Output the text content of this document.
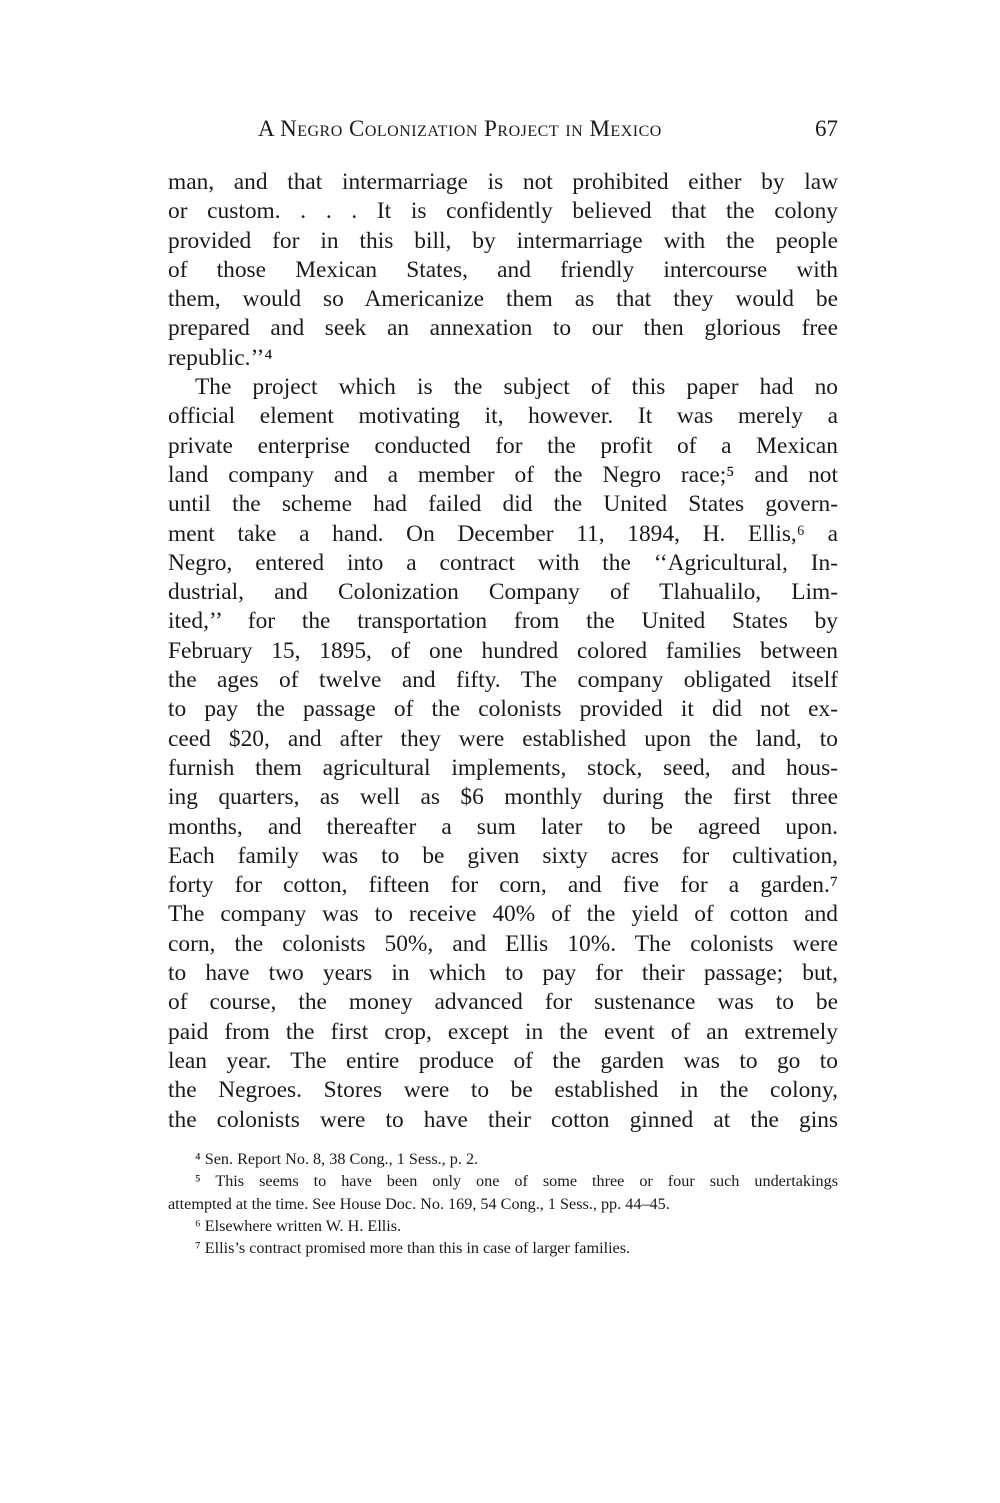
A Negro Colonization Project in Mexico	67
man, and that intermarriage is not prohibited either by law
or custom. . . . It is confidently believed that the colony
provided for in this bill, by intermarriage with the people
of those Mexican States, and friendly intercourse with
them, would so Americanize them as that they would be
prepared and seek an annexation to our then glorious free
republic.’’⁴
The project which is the subject of this paper had no
official element motivating it, however. It was merely a
private enterprise conducted for the profit of a Mexican
land company and a member of the Negro race;⁵ and not
until the scheme had failed did the United States govern-
ment take a hand. On December 11, 1894, H. Ellis,⁶ a
Negro, entered into a contract with the ‘‘Agricultural, In-
dustrial, and Colonization Company of Tlahualilo, Lim-
ited,’’ for the transportation from the United States by
February 15, 1895, of one hundred colored families between
the ages of twelve and fifty. The company obligated itself
to pay the passage of the colonists provided it did not ex-
ceed $20, and after they were established upon the land, to
furnish them agricultural implements, stock, seed, and hous-
ing quarters, as well as $6 monthly during the first three
months, and thereafter a sum later to be agreed upon.
Each family was to be given sixty acres for cultivation,
forty for cotton, fifteen for corn, and five for a garden.⁷
The company was to receive 40% of the yield of cotton and
corn, the colonists 50%, and Ellis 10%. The colonists were
to have two years in which to pay for their passage; but,
of course, the money advanced for sustenance was to be
paid from the first crop, except in the event of an extremely
lean year. The entire produce of the garden was to go to
the Negroes. Stores were to be established in the colony,
the colonists were to have their cotton ginned at the gins
⁴ Sen. Report No. 8, 38 Cong., 1 Sess., p. 2.
⁵ This seems to have been only one of some three or four such undertakings
attempted at the time. See House Doc. No. 169, 54 Cong., 1 Sess., pp. 44–45.
⁶ Elsewhere written W. H. Ellis.
⁷ Ellis’s contract promised more than this in case of larger families.
